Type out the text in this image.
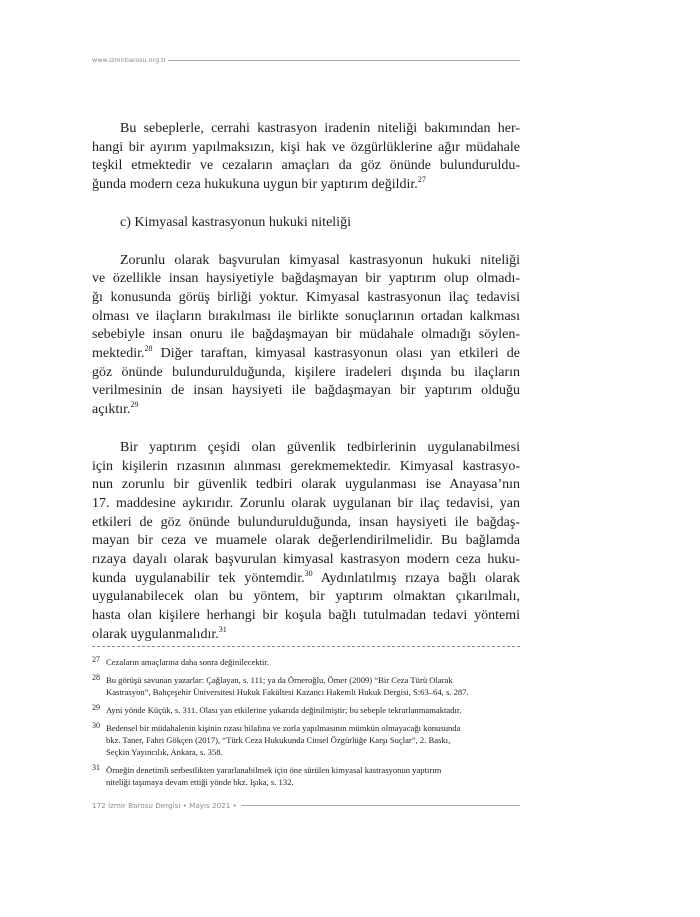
www.izmirbarosu.org.tr

Bu sebeplerle, cerrahi kastrasyon iradenin niteliği bakımından her-
hangi bir ayırım yapılmaksızın, kişi hak ve özgürlüklerine ağır müdahale
teşkil etmektedir ve cezaların amaçları da göz önünde bulunduruldu-
ğunda modern ceza hukukuna uygun bir yaptırım değildir.$^{27}$

c) Kimyasal kastrasyonun hukuki niteliği

Zorunlu olarak başvurulan kimyasal kastrasyonun hukuki niteliği
ve özellikle insan haysiyetiyle bağdaşmayan bir yaptırım olup olmadı-
ğı konusunda görüş birliği yoktur. Kimyasal kastrasyonun ilaç tedavisi
olması ve ilaçların bırakılması ile birlikte sonuçlarının ortadan kalkması
sebebiyle insan onuru ile bağdaşmayan bir müdahale olmadığı söylen-
mektedir.$^{28}$ Diğer taraftan, kimyasal kastrasyonun olası yan etkileri de
göz önünde bulundurulduğunda, kişilere iradeleri dışında bu ilaçların
verilmesinin de insan haysiyeti ile bağdaşmayan bir yaptırım olduğu
açıktır.$^{29}$

Bir yaptırım çeşidi olan güvenlik tedbirlerinin uygulanabilmesi
için kişilerin rızasının alınması gerekmemektedir. Kimyasal kastrasyo-
nun zorunlu bir güvenlik tedbiri olarak uygulanması ise Anayasa’nın
17. maddesine aykırıdır. Zorunlu olarak uygulanan bir ilaç tedavisi, yan
etkileri de göz önünde bulundurulduğunda, insan haysiyeti ile bağdaş-
mayan bir ceza ve muamele olarak değerlendirilmelidir. Bu bağlamda
rızaya dayalı olarak başvurulan kimyasal kastrasyon modern ceza huku-
kunda uygulanabilir tek yöntemdir.$^{30}$ Aydınlatılmış rızaya bağlı olarak
uygulanabilecek olan bu yöntem, bir yaptırım olmaktan çıkarılmalı,
hasta olan kişilere herhangi bir koşula bağlı tutulmadan tedavi yöntemi
olarak uygulanmalıdır.$^{31}$

27 Cezaların amaçlarına daha sonra değinilecektir.
28 Bu görüşü savunan yazarlar: Çağlayan, s. 111; ya da Örneroğlu, Ömer (2009) “Bir Ceza Türü Olarak
Kastrasyon”, Bahçeşehir Üniversitesi Hukuk Fakültesi Kazancı Hakemli Hukuk Dergisi, S:63–64, s. 287.
29 Ayni yönde Küçük, s. 311. Olası yan etkilerine yukarıda değinilmiştir; bu sebeple tekrarlanmamaktadır.
30 Bedensel bir müdahalenin kişinin rızası hilafına ve zorla yapılmasının mümkün olmayacağı konusunda
bkz. Taner, Fahri Gökçen (2017), “Türk Ceza Hukukunda Cinsel Özgürlüğe Karşı Suçlar”, 2. Baskı,
Seçkin Yayıncılık, Ankara, s. 358.
31 Örneğin denetimli serbestlikten yararlanabilmek için öne sürülen kimyasal kastrasyonun yaptırım
niteliği taşımaya devam ettiği yönde bkz. Işıka, s. 132.
172 İzmir Barosu Dergisi • Mayıs 2021 •
